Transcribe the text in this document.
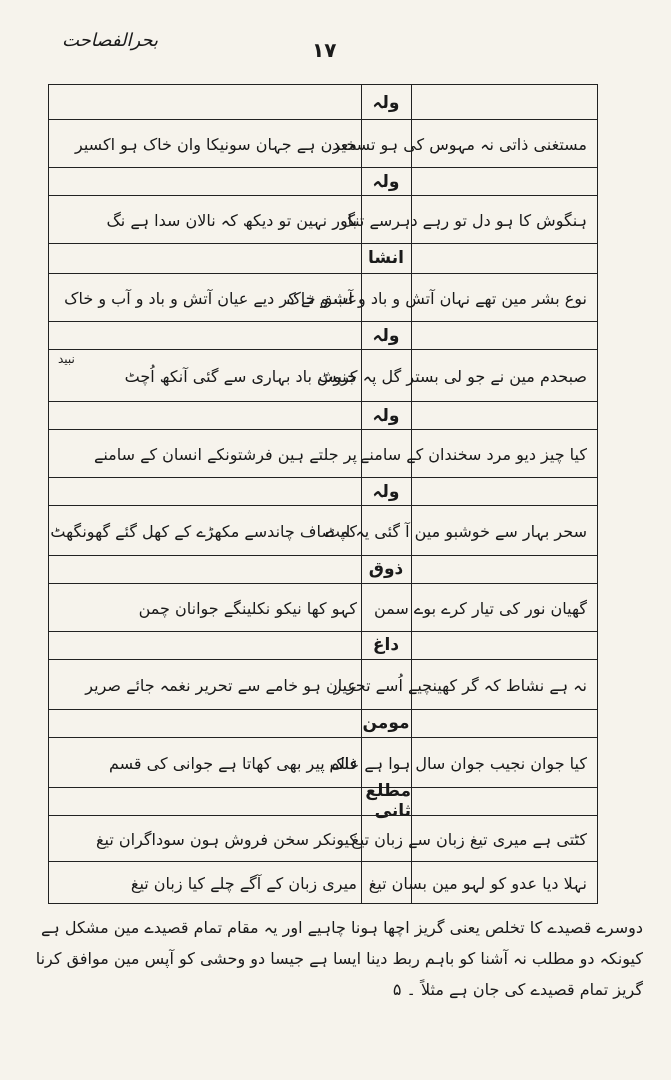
بحرالفصاحت	۱۷
ولہ
مستغنی ذاتی نہ مہوس کی ہو تسخیر
معدن ہے جہان سونیکا وان خاک ہو اکسیر
ولہ
ہنگوش کا ہو دل تو رہے دہرسے تنگ
باور نہین تو دیکھ کہ نالان سدا ہے نگ
انشا
نوع بشر مین تھے نہان آتش و باد و آب و خاک
عشق نے کر دیے عیان آتش و باد و آب و خاک
ولہ
صبحدم مین نے جو لی بستر گل پہ کروٹ
جنبش باد بہاری سے گئی آنکھ اُچٹ
ولہ
کیا چیز دیو مرد سخندان کے سامنے
پر جلتے ہین فرشتونکے انسان کے سامنے
ولہ
سحر بہار سے خوشبو مین آ گئی یہ لپٹ
کہ صاف چاندسے مکھڑے کے کھل گئے گھونگھٹ
ذوق
گھیان نور کی تیار کرے بوے سمن
کہو کھا نیکو نکلینگے جوانان چمن
داغ
نہ ہے نشاط کہ گر کھینچیے اُسے تحریر
عیان ہو خامے سے تحریر نغمہ جائے صریر
مومن
کیا جوان نجیب جوان سال ہوا ہے عالم
فلک پیر بھی کھاتا ہے جوانی کی قسم
مطلع ثانی
کٹتی ہے میری تیغ زبان سے زبان تیغ
کیونکر سخن فروش ہون سوداگران تیغ
نہلا دیا عدو کو لہو مین بسان تیغ
میری زبان کے آگے چلے کیا زبان تیغ
نبید
دوسرے قصیدے کا تخلص یعنی گریز اچھا ہونا چاہیے اور یہ مقام تمام قصیدے مین مشکل ہے کیونکہ دو مطلب نہ آشنا کو باہم ربط دینا ایسا ہے جیسا دو وحشی کو آپس مین موافق کرنا گریز تمام قصیدے کی جان ہے مثلاً ۔ ۵
